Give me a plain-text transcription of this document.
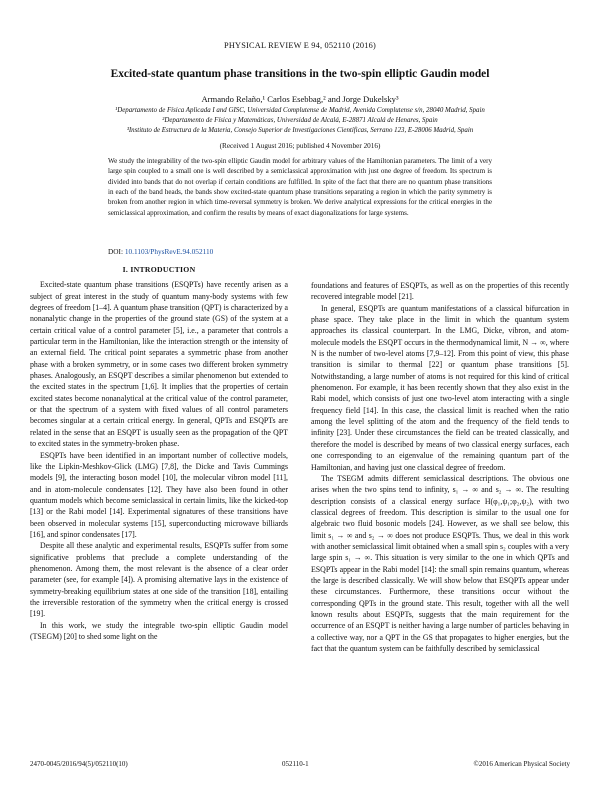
PHYSICAL REVIEW E 94, 052110 (2016)
Excited-state quantum phase transitions in the two-spin elliptic Gaudin model
Armando Relaño,¹ Carlos Esebbag,² and Jorge Dukelsky³
¹Departamento de Física Aplicada I and GISC, Universidad Complutense de Madrid, Avenida Complutense s/n, 28040 Madrid, Spain
²Departamento de Física y Matemáticas, Universidad de Alcalá, E-28871 Alcalá de Henares, Spain
³Instituto de Estructura de la Materia, Consejo Superior de Investigaciones Científicas, Serrano 123, E-28006 Madrid, Spain
(Received 1 August 2016; published 4 November 2016)
We study the integrability of the two-spin elliptic Gaudin model for arbitrary values of the Hamiltonian parameters. The limit of a very large spin coupled to a small one is well described by a semiclassical approximation with just one degree of freedom. Its spectrum is divided into bands that do not overlap if certain conditions are fulfilled. In spite of the fact that there are no quantum phase transitions in each of the band heads, the bands show excited-state quantum phase transitions separating a region in which the parity symmetry is broken from another region in which time-reversal symmetry is broken. We derive analytical expressions for the critical energies in the semiclassical approximation, and confirm the results by means of exact diagonalizations for large systems.
DOI: 10.1103/PhysRevE.94.052110
I. INTRODUCTION

Excited-state quantum phase transitions (ESQPTs) have recently arisen as a subject of great interest in the study of quantum many-body systems with few degrees of freedom [1–4]. A quantum phase transition (QPT) is characterized by a nonanalytic change in the properties of the ground state (GS) of the system at a certain critical value of a control parameter [5], i.e., a parameter that controls a particular term in the Hamiltonian, like the interaction strength or the intensity of an external field. The critical point separates a symmetric phase from another phase with a broken symmetry, or in some cases two different broken symmetry phases. Analogously, an ESQPT describes a similar phenomenon but extended to the excited states in the spectrum [1,6]. It implies that the properties of certain excited states become nonanalytical at the critical value of the control parameter, or that the spectrum of a system with fixed values of all control parameters becomes singular at a certain critical energy. In general, QPTs and ESQPTs are related in the sense that an ESQPT is usually seen as the propagation of the QPT to excited states in the symmetry-broken phase.

ESQPTs have been identified in an important number of collective models, like the Lipkin-Meshkov-Glick (LMG) [7,8], the Dicke and Tavis Cummings models [9], the interacting boson model [10], the molecular vibron model [11], and in atom-molecule condensates [12]. They have also been found in other quantum models which become semiclassical in certain limits, like the kicked-top [13] or the Rabi model [14]. Experimental signatures of these transitions have been observed in molecular systems [15], superconducting microwave billiards [16], and spinor condensates [17].

Despite all these analytic and experimental results, ESQPTs suffer from some significative problems that preclude a complete understanding of the phenomenon. Among them, the most relevant is the absence of a clear order parameter (see, for example [4]). A promising alternative lays in the existence of symmetry-breaking equilibrium states at one side of the transition [18], entailing the irreversible restoration of the symmetry when the critical energy is crossed [19].

In this work, we study the integrable two-spin elliptic Gaudin model (TSEGM) [20] to shed some light on the

foundations and features of ESQPTs, as well as on the properties of this recently recovered integrable model [21].

In general, ESQPTs are quantum manifestations of a classical bifurcation in phase space. They take place in the limit in which the quantum system approaches its classical counterpart. In the LMG, Dicke, vibron, and atom-molecule models the ESQPT occurs in the thermodynamical limit, N → ∞, where N is the number of two-level atoms [7,9–12]. From this point of view, this phase transition is similar to thermal [22] or quantum phase transitions [5]. Notwithstanding, a large number of atoms is not required for this kind of critical phenomenon. For example, it has been recently shown that they also exist in the Rabi model, which consists of just one two-level atom interacting with a single frequency field [14]. In this case, the classical limit is reached when the ratio among the level splitting of the atom and the frequency of the field tends to infinity [23]. Under these circumstances the field can be treated classically, and therefore the model is described by means of two classical energy surfaces, each one corresponding to an eigenvalue of the remaining quantum part of the Hamiltonian, and having just one classical degree of freedom.

The TSEGM admits different semiclassical descriptions. The obvious one arises when the two spins tend to infinity, s₁ → ∞ and s₂ → ∞. The resulting description consists of a classical energy surface H(φ₁,ψ₁;φ₂,ψ₂), with two classical degrees of freedom. This description is similar to the usual one for algebraic two fluid bosonic models [24]. However, as we shall see below, this limit s₁ → ∞ and s₂ → ∞ does not produce ESQPTs. Thus, we deal in this work with another semiclassical limit obtained when a small spin s₂ couples with a very large spin s₁ → ∞. This situation is very similar to the one in which QPTs and ESQPTs appear in the Rabi model [14]: the small spin remains quantum, whereas the large is described classically. We will show below that ESQPTs appear under these circumstances. Furthermore, these transitions occur without the corresponding QPTs in the ground state. This result, together with all the well known results about ESQPTs, suggests that the main requirement for the occurrence of an ESQPT is neither having a large number of particles behaving in a collective way, nor a QPT in the GS that propagates to higher energies, but the fact that the quantum system can be faithfully described by semiclassical

2470-0045/2016/94(5)/052110(10)	052110-1	©2016 American Physical Society
